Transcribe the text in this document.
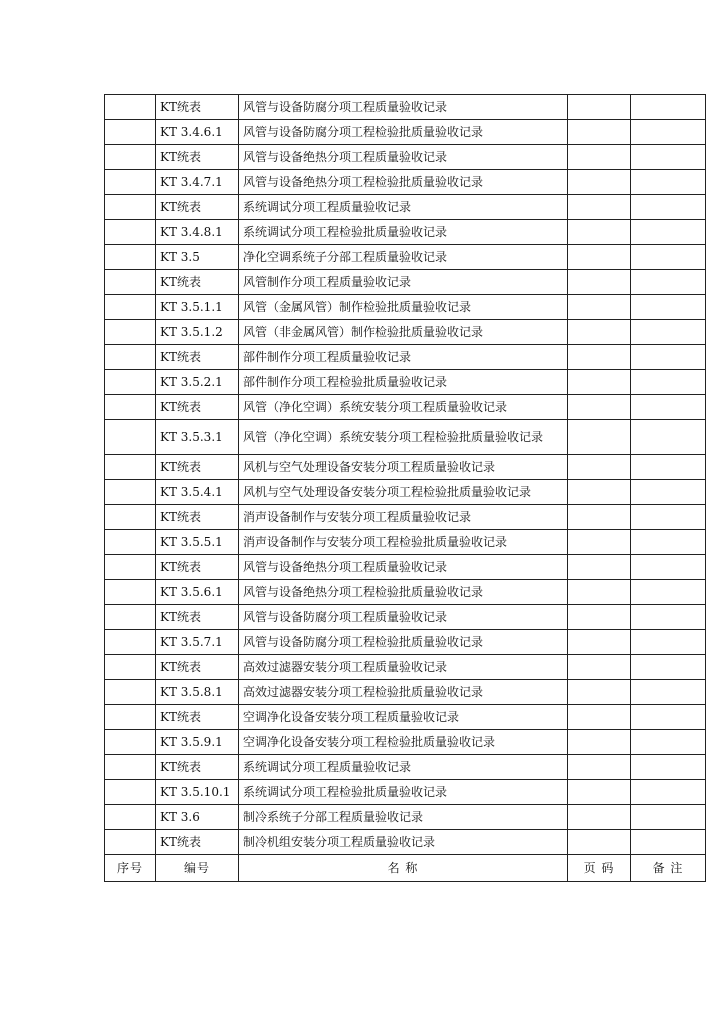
	KT统表	风管与设备防腐分项工程质量验收记录		
	KT 3.4.6.1	风管与设备防腐分项工程检验批质量验收记录		
	KT统表	风管与设备绝热分项工程质量验收记录		
	KT 3.4.7.1	风管与设备绝热分项工程检验批质量验收记录		
	KT统表	系统调试分项工程质量验收记录		
	KT 3.4.8.1	系统调试分项工程检验批质量验收记录		
	KT 3.5	净化空调系统子分部工程质量验收记录		
	KT统表	风管制作分项工程质量验收记录		
	KT 3.5.1.1	风管（金属风管）制作检验批质量验收记录		
	KT 3.5.1.2	风管（非金属风管）制作检验批质量验收记录		
	KT统表	部件制作分项工程质量验收记录		
	KT 3.5.2.1	部件制作分项工程检验批质量验收记录		
	KT统表	风管（净化空调）系统安装分项工程质量验收记录		
	KT 3.5.3.1	风管（净化空调）系统安装分项工程检验批质量验收记录		
	KT统表	风机与空气处理设备安装分项工程质量验收记录		
	KT 3.5.4.1	风机与空气处理设备安装分项工程检验批质量验收记录		
	KT统表	消声设备制作与安装分项工程质量验收记录		
	KT 3.5.5.1	消声设备制作与安装分项工程检验批质量验收记录		
	KT统表	风管与设备绝热分项工程质量验收记录		
	KT 3.5.6.1	风管与设备绝热分项工程检验批质量验收记录		
	KT统表	风管与设备防腐分项工程质量验收记录		
	KT 3.5.7.1	风管与设备防腐分项工程检验批质量验收记录		
	KT统表	高效过滤器安装分项工程质量验收记录		
	KT 3.5.8.1	高效过滤器安装分项工程检验批质量验收记录		
	KT统表	空调净化设备安装分项工程质量验收记录		
	KT 3.5.9.1	空调净化设备安装分项工程检验批质量验收记录		
	KT统表	系统调试分项工程质量验收记录		
	KT 3.5.10.1	系统调试分项工程检验批质量验收记录		
	KT 3.6	制冷系统子分部工程质量验收记录		
	KT统表	制冷机组安装分项工程质量验收记录		
序号	编号	名 称	页 码	备 注
